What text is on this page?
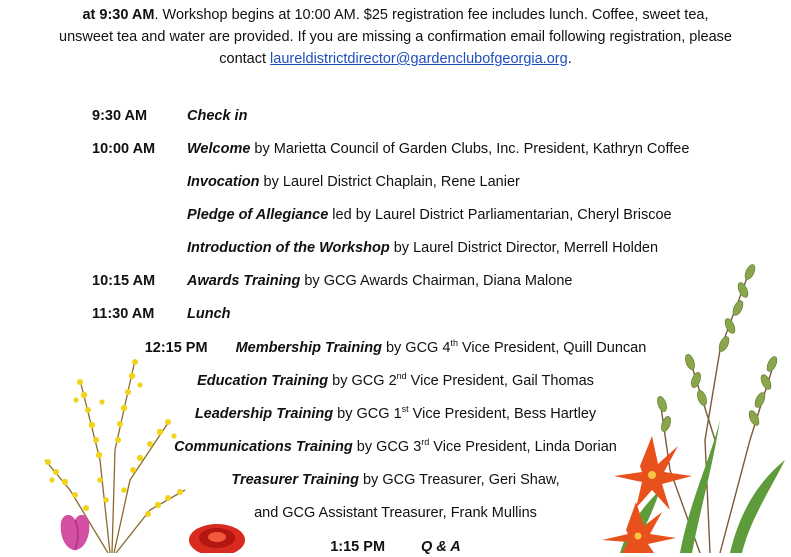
at 9:30 AM. Workshop begins at 10:00 AM. $25 registration fee includes lunch. Coffee, sweet tea,
unsweet tea and water are provided. If you are missing a confirmation email following registration, please
contact laureldistrictdirector@gardenclubofgeorgia.org.
9:30 AM	Check in
10:00 AM Welcome by Marietta Council of Garden Clubs, Inc. President, Kathryn Coffee
Invocation by Laurel District Chaplain, Rene Lanier
Pledge of Allegiance led by Laurel District Parliamentarian, Cheryl Briscoe
Introduction of the Workshop by Laurel District Director, Merrell Holden
10:15 AM Awards Training by GCG Awards Chairman, Diana Malone
11:30 AM Lunch
12:15 PM Membership Training by GCG 4th Vice President, Quill Duncan
Education Training by GCG 2nd Vice President, Gail Thomas
Leadership Training by GCG 1st Vice President, Bess Hartley
Communications Training by GCG 3rd Vice President, Linda Dorian
Treasurer Training by GCG Treasurer, Geri Shaw,
and GCG Assistant Treasurer, Frank Mullins
1:15 PM Q & A
